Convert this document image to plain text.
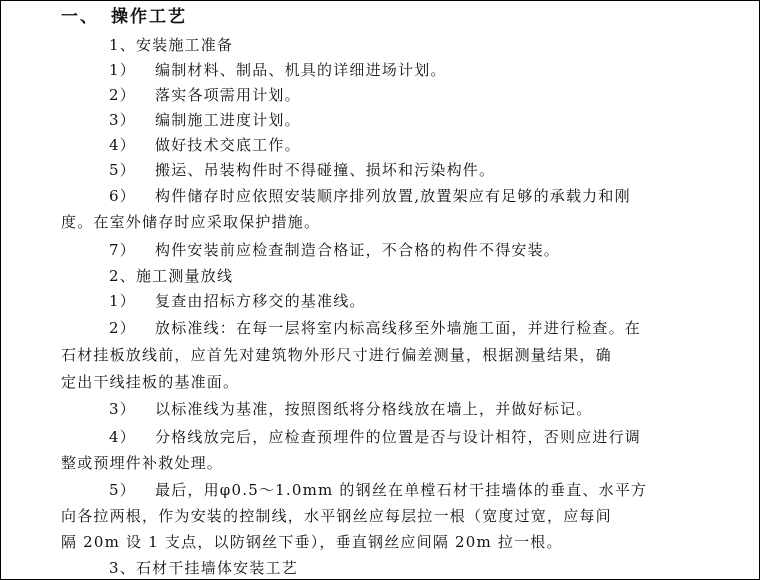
一、 操作工艺
1、安装施工准备
1） 编制材料、制品、机具的详细进场计划。
2） 落实各项需用计划。
3） 编制施工进度计划。
4） 做好技术交底工作。
5） 搬运、吊装构件时不得碰撞、损坏和污染构件。
6） 构件储存时应依照安装顺序排列放置,放置架应有足够的承载力和刚
度。在室外储存时应采取保护措施。
7） 构件安装前应检查制造合格证，不合格的构件不得安装。
2、施工测量放线
1） 复查由招标方移交的基准线。
2） 放标准线：在每一层将室内标高线移至外墙施工面，并进行检查。在
石材挂板放线前，应首先对建筑物外形尺寸进行偏差测量，根据测量结果，确
定出干线挂板的基准面。
3） 以标准线为基准，按照图纸将分格线放在墙上，并做好标记。
4） 分格线放完后，应检查预埋件的位置是否与设计相符，否则应进行调
整或预埋件补救处理。
5） 最后，用φ0.5～1.0mm 的钢丝在单樘石材干挂墙体的垂直、水平方
向各拉两根，作为安装的控制线，水平钢丝应每层拉一根（宽度过宽，应每间
隔 20m 设 1 支点，以防钢丝下垂），垂直钢丝应间隔 20m 拉一根。
3、石材干挂墙体安装工艺
